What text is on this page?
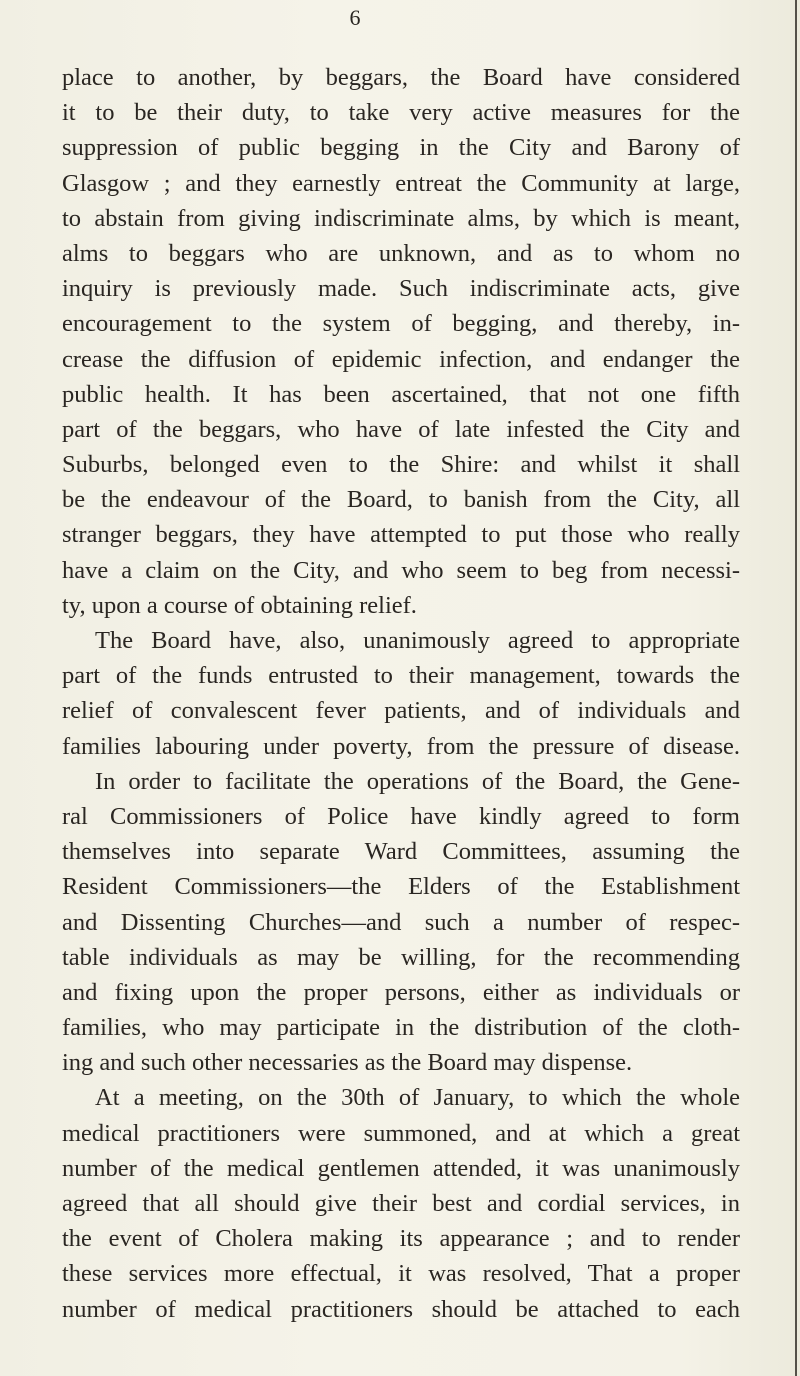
6
place to another, by beggars, the Board have considered
it to be their duty, to take very active measures for the
suppression of public begging in the City and Barony of
Glasgow ; and they earnestly entreat the Community at large,
to abstain from giving indiscriminate alms, by which is meant,
alms to beggars who are unknown, and as to whom no
inquiry is previously made. Such indiscriminate acts, give
encouragement to the system of begging, and thereby, in-
crease the diffusion of epidemic infection, and endanger the
public health. It has been ascertained, that not one fifth
part of the beggars, who have of late infested the City and
Suburbs, belonged even to the Shire: and whilst it shall
be the endeavour of the Board, to banish from the City, all
stranger beggars, they have attempted to put those who really
have a claim on the City, and who seem to beg from necessi-
ty, upon a course of obtaining relief.
The Board have, also, unanimously agreed to appropriate
part of the funds entrusted to their management, towards the
relief of convalescent fever patients, and of individuals and
families labouring under poverty, from the pressure of disease.
In order to facilitate the operations of the Board, the Gene-
ral Commissioners of Police have kindly agreed to form
themselves into separate Ward Committees, assuming the
Resident Commissioners—the Elders of the Establishment
and Dissenting Churches—and such a number of respec-
table individuals as may be willing, for the recommending
and fixing upon the proper persons, either as individuals or
families, who may participate in the distribution of the cloth-
ing and such other necessaries as the Board may dispense.
At a meeting, on the 30th of January, to which the whole
medical practitioners were summoned, and at which a great
number of the medical gentlemen attended, it was unanimously
agreed that all should give their best and cordial services, in
the event of Cholera making its appearance ; and to render
these services more effectual, it was resolved, That a proper
number of medical practitioners should be attached to each
